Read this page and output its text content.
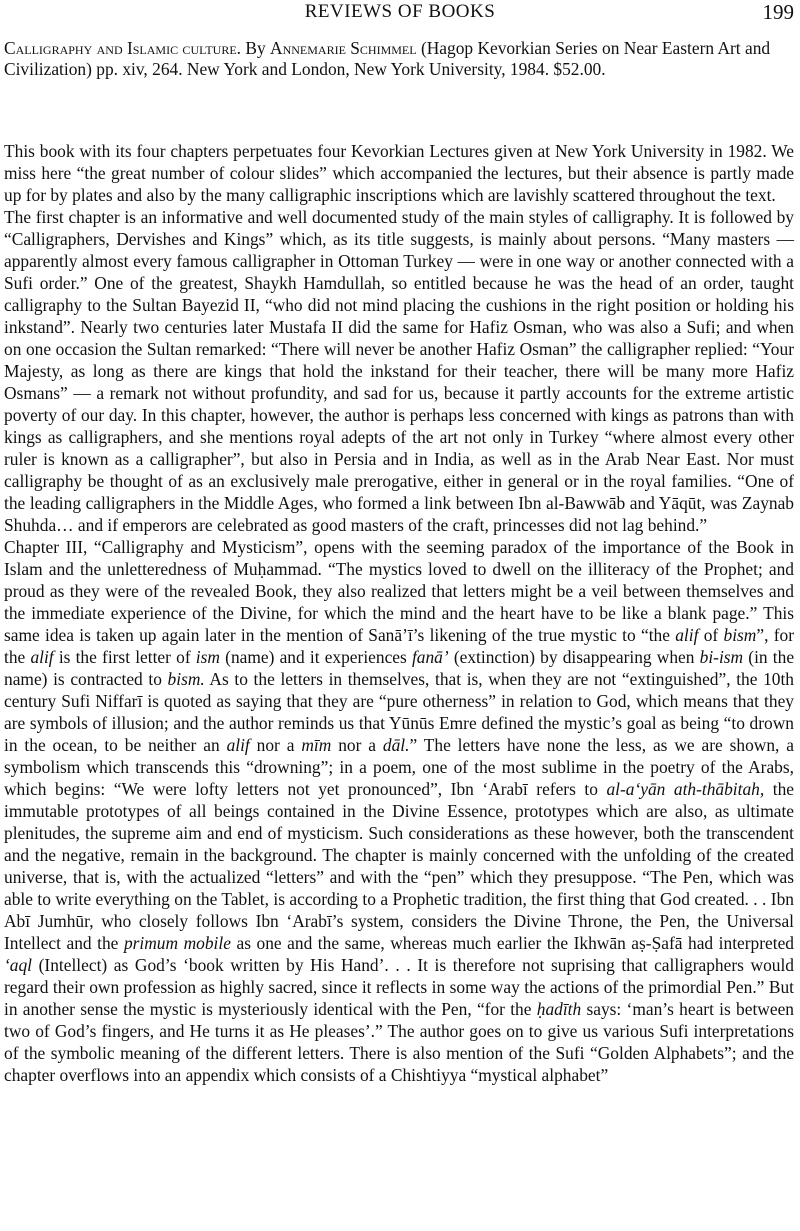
REVIEWS OF BOOKS	199
Calligraphy and Islamic culture. By Annemarie Schimmel (Hagop Kevorkian Series on Near Eastern Art and Civilization) pp. xiv, 264. New York and London, New York University, 1984. $52.00.

This book with its four chapters perpetuates four Kevorkian Lectures given at New York University in 1982. We miss here “the great number of colour slides” which accompanied the lectures, but their absence is partly made up for by plates and also by the many calligraphic inscriptions which are lavishly scattered throughout the text.

The first chapter is an informative and well documented study of the main styles of calligraphy. It is followed by “Calligraphers, Dervishes and Kings” which, as its title suggests, is mainly about persons. “Many masters — apparently almost every famous calligrapher in Ottoman Turkey — were in one way or another connected with a Sufi order.” One of the greatest, Shaykh Hamdullah, so entitled because he was the head of an order, taught calligraphy to the Sultan Bayezid II, “who did not mind placing the cushions in the right position or holding his inkstand”. Nearly two centuries later Mustafa II did the same for Hafiz Osman, who was also a Sufi; and when on one occasion the Sultan remarked: “There will never be another Hafiz Osman” the calligrapher replied: “Your Majesty, as long as there are kings that hold the inkstand for their teacher, there will be many more Hafiz Osmans” — a remark not without profundity, and sad for us, because it partly accounts for the extreme artistic poverty of our day. In this chapter, however, the author is perhaps less concerned with kings as patrons than with kings as calligraphers, and she mentions royal adepts of the art not only in Turkey “where almost every other ruler is known as a calligrapher”, but also in Persia and in India, as well as in the Arab Near East. Nor must calligraphy be thought of as an exclusively male prerogative, either in general or in the royal families. “One of the leading calligraphers in the Middle Ages, who formed a link between Ibn al-Bawwāb and Yāqūt, was Zaynab Shuhda… and if emperors are celebrated as good masters of the craft, princesses did not lag behind.”

Chapter III, “Calligraphy and Mysticism”, opens with the seeming paradox of the importance of the Book in Islam and the unletteredness of Muḥammad. “The mystics loved to dwell on the illiteracy of the Prophet; and proud as they were of the revealed Book, they also realized that letters might be a veil between themselves and the immediate experience of the Divine, for which the mind and the heart have to be like a blank page.” This same idea is taken up again later in the mention of Sanā’ī’s likening of the true mystic to “the alif of bism”, for the alif is the first letter of ism (name) and it experiences fanā’ (extinction) by disappearing when bi-ism (in the name) is contracted to bism. As to the letters in themselves, that is, when they are not “extinguished”, the 10th century Sufi Niffarī is quoted as saying that they are “pure otherness” in relation to God, which means that they are symbols of illusion; and the author reminds us that Yūnūs Emre defined the mystic’s goal as being “to drown in the ocean, to be neither an alif nor a mīm nor a dāl.” The letters have none the less, as we are shown, a symbolism which transcends this “drowning”; in a poem, one of the most sublime in the poetry of the Arabs, which begins: “We were lofty letters not yet pronounced”, Ibn ‘Arabī refers to al-a‘yān ath-thābitah, the immutable prototypes of all beings contained in the Divine Essence, prototypes which are also, as ultimate plenitudes, the supreme aim and end of mysticism. Such considerations as these however, both the transcendent and the negative, remain in the background. The chapter is mainly concerned with the unfolding of the created universe, that is, with the actualized “letters” and with the “pen” which they presuppose. “The Pen, which was able to write everything on the Tablet, is according to a Prophetic tradition, the first thing that God created. . . Ibn Abī Jumhūr, who closely follows Ibn ‘Arabī’s system, considers the Divine Throne, the Pen, the Universal Intellect and the primum mobile as one and the same, whereas much earlier the Ikhwān aṣ-Ṣafā had interpreted ‘aql (Intellect) as God’s ‘book written by His Hand’. . . It is therefore not suprising that calligraphers would regard their own profession as highly sacred, since it reflects in some way the actions of the primordial Pen.” But in another sense the mystic is mysteriously identical with the Pen, “for the ḥadīth says: ‘man’s heart is between two of God’s fingers, and He turns it as He pleases’.” The author goes on to give us various Sufi interpretations of the symbolic meaning of the different letters. There is also mention of the Sufi “Golden Alphabets”; and the chapter overflows into an appendix which consists of a Chishtiyya “mystical alphabet”
